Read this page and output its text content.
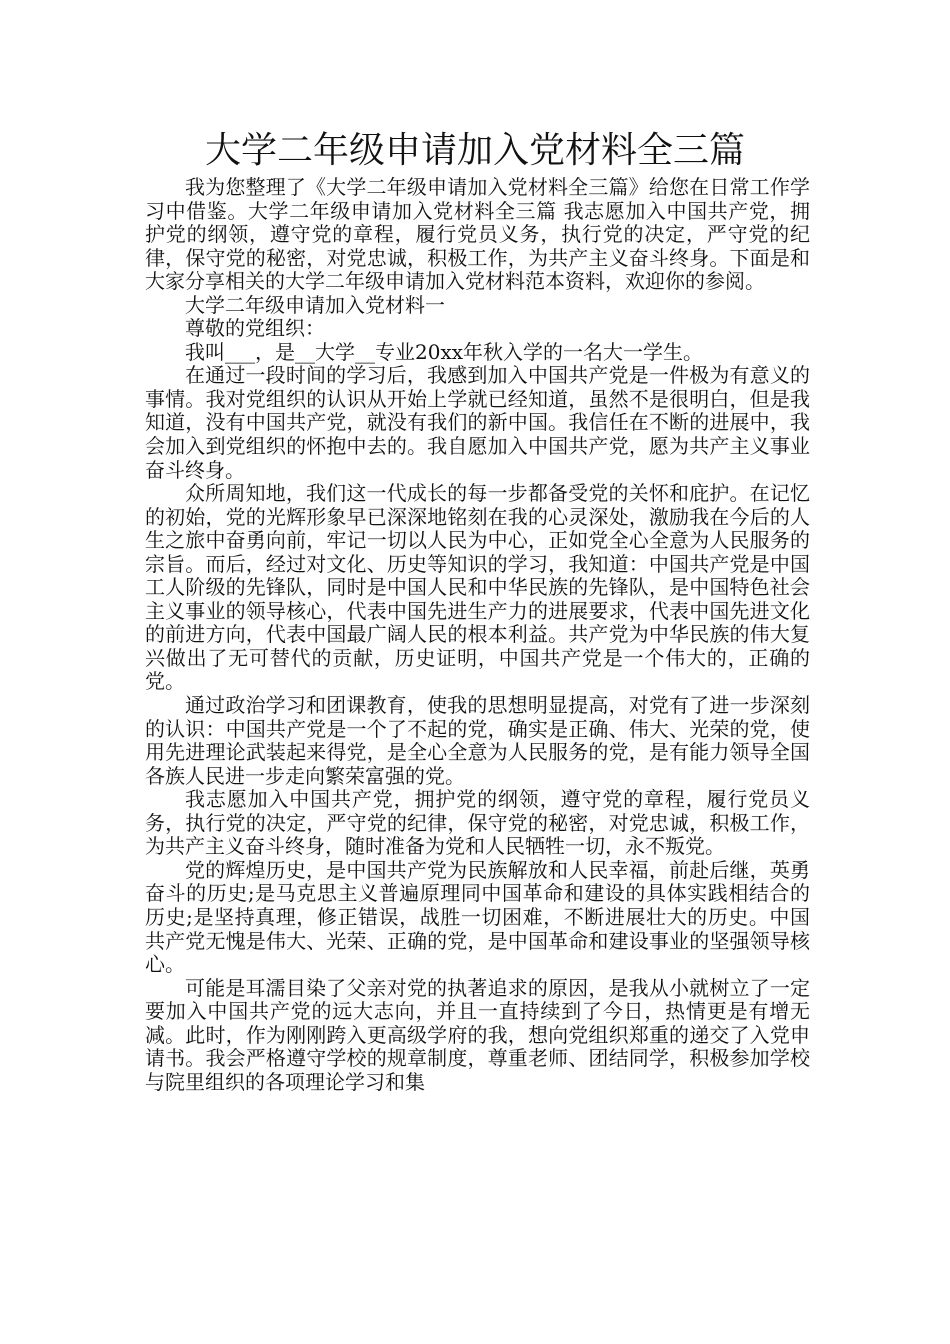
大学二年级申请加入党材料全三篇

我为您整理了《大学二年级申请加入党材料全三篇》给您在日常工作学习中借鉴。大学二年级申请加入党材料全三篇 我志愿加入中国共产党，拥护党的纲领，遵守党的章程，履行党员义务，执行党的决定，严守党的纪律，保守党的秘密，对党忠诚，积极工作，为共产主义奋斗终身。下面是和大家分享相关的大学二年级申请加入党材料范本资料，欢迎你的参阅。

大学二年级申请加入党材料一

尊敬的党组织：

我叫___，是__大学__专业20xx年秋入学的一名大一学生。

在通过一段时间的学习后，我感到加入中国共产党是一件极为有意义的事情。我对党组织的认识从开始上学就已经知道，虽然不是很明白，但是我知道，没有中国共产党，就没有我们的新中国。我信任在不断的进展中，我会加入到党组织的怀抱中去的。我自愿加入中国共产党，愿为共产主义事业奋斗终身。

众所周知地，我们这一代成长的每一步都备受党的关怀和庇护。在记忆的初始，党的光辉形象早已深深地铭刻在我的心灵深处，激励我在今后的人生之旅中奋勇向前，牢记一切以人民为中心，正如党全心全意为人民服务的宗旨。而后，经过对文化、历史等知识的学习，我知道：中国共产党是中国工人阶级的先锋队，同时是中国人民和中华民族的先锋队，是中国特色社会主义事业的领导核心，代表中国先进生产力的进展要求，代表中国先进文化的前进方向，代表中国最广阔人民的根本利益。共产党为中华民族的伟大复兴做出了无可替代的贡献，历史证明，中国共产党是一个伟大的，正确的党。

通过政治学习和团课教育，使我的思想明显提高，对党有了进一步深刻的认识：中国共产党是一个了不起的党，确实是正确、伟大、光荣的党，使用先进理论武装起来得党，是全心全意为人民服务的党，是有能力领导全国各族人民进一步走向繁荣富强的党。

我志愿加入中国共产党，拥护党的纲领，遵守党的章程，履行党员义务，执行党的决定，严守党的纪律，保守党的秘密，对党忠诚，积极工作，为共产主义奋斗终身，随时准备为党和人民牺牲一切，永不叛党。

党的辉煌历史，是中国共产党为民族解放和人民幸福，前赴后继，英勇奋斗的历史;是马克思主义普遍原理同中国革命和建设的具体实践相结合的历史;是坚持真理，修正错误，战胜一切困难，不断进展壮大的历史。中国共产党无愧是伟大、光荣、正确的党，是中国革命和建设事业的坚强领导核心。

可能是耳濡目染了父亲对党的执著追求的原因，是我从小就树立了一定要加入中国共产党的远大志向，并且一直持续到了今日，热情更是有增无减。此时，作为刚刚跨入更高级学府的我，想向党组织郑重的递交了入党申请书。我会严格遵守学校的规章制度，尊重老师、团结同学，积极参加学校与院里组织的各项理论学习和集
